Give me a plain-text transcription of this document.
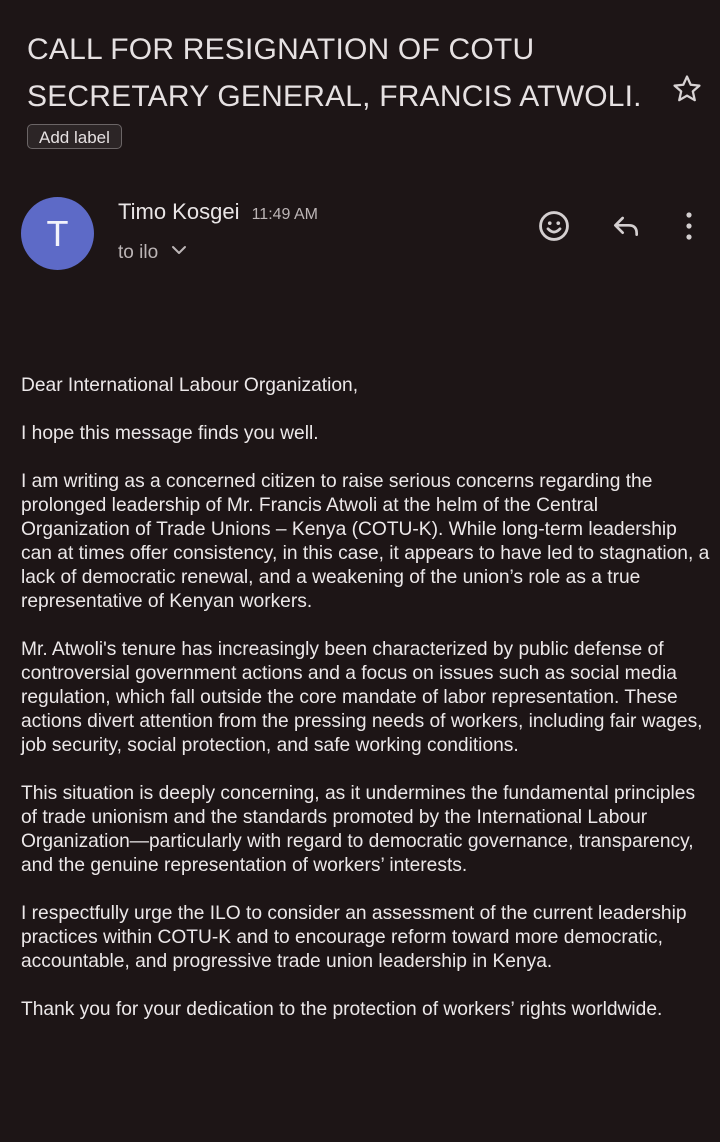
CALL FOR RESIGNATION OF COTU SECRETARY GENERAL, FRANCIS ATWOLI.
Add label
T
Timo Kosgei 11:49 AM
to ilo

Dear International Labour Organization,

I hope this message finds you well.

I am writing as a concerned citizen to raise serious concerns regarding the prolonged leadership of Mr. Francis Atwoli at the helm of the Central Organization of Trade Unions – Kenya (COTU-K). While long-term leadership can at times offer consistency, in this case, it appears to have led to stagnation, a lack of democratic renewal, and a weakening of the union’s role as a true representative of Kenyan workers.

Mr. Atwoli's tenure has increasingly been characterized by public defense of controversial government actions and a focus on issues such as social media regulation, which fall outside the core mandate of labor representation. These actions divert attention from the pressing needs of workers, including fair wages, job security, social protection, and safe working conditions.

This situation is deeply concerning, as it undermines the fundamental principles of trade unionism and the standards promoted by the International Labour Organization—particularly with regard to democratic governance, transparency, and the genuine representation of workers’ interests.

I respectfully urge the ILO to consider an assessment of the current leadership practices within COTU-K and to encourage reform toward more democratic, accountable, and progressive trade union leadership in Kenya.

Thank you for your dedication to the protection of workers’ rights worldwide.
